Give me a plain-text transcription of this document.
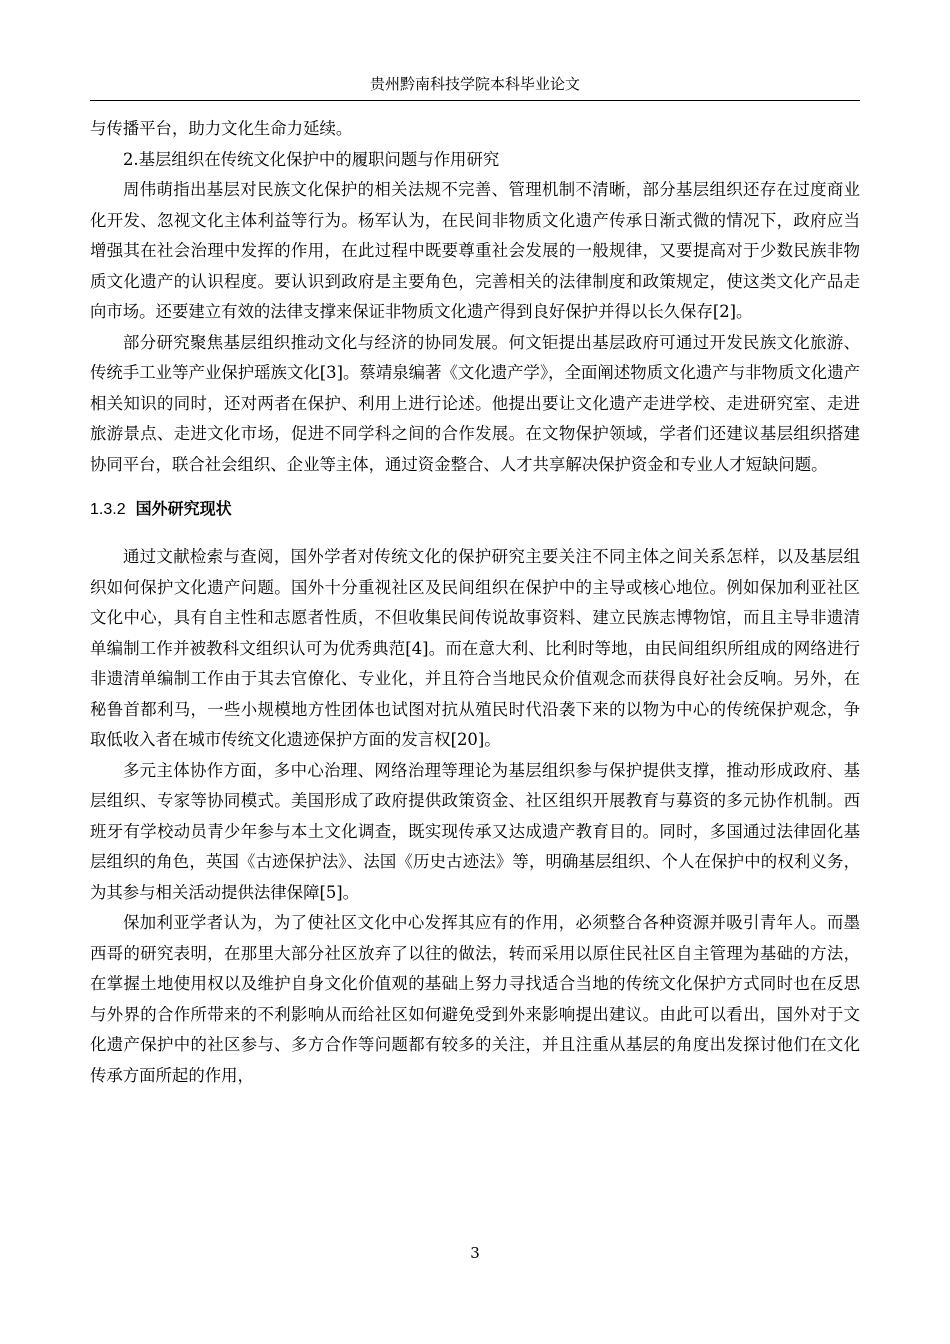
贵州黔南科技学院本科毕业论文

与传播平台，助力文化生命力延续。

2.基层组织在传统文化保护中的履职问题与作用研究

周伟萌指出基层对民族文化保护的相关法规不完善、管理机制不清晰，部分基层组织还存在过度商业化开发、忽视文化主体利益等行为。杨军认为，在民间非物质文化遗产传承日渐式微的情况下，政府应当增强其在社会治理中发挥的作用，在此过程中既要尊重社会发展的一般规律，又要提高对于少数民族非物质文化遗产的认识程度。要认识到政府是主要角色，完善相关的法律制度和政策规定，使这类文化产品走向市场。还要建立有效的法律支撑来保证非物质文化遗产得到良好保护并得以长久保存[2]。

部分研究聚焦基层组织推动文化与经济的协同发展。何文钜提出基层政府可通过开发民族文化旅游、传统手工业等产业保护瑶族文化[3]。蔡靖泉编著《文化遗产学》，全面阐述物质文化遗产与非物质文化遗产相关知识的同时，还对两者在保护、利用上进行论述。他提出要让文化遗产走进学校、走进研究室、走进旅游景点、走进文化市场，促进不同学科之间的合作发展。在文物保护领域，学者们还建议基层组织搭建协同平台，联合社会组织、企业等主体，通过资金整合、人才共享解决保护资金和专业人才短缺问题。

1.3.2 国外研究现状

通过文献检索与查阅，国外学者对传统文化的保护研究主要关注不同主体之间关系怎样，以及基层组织如何保护文化遗产问题。国外十分重视社区及民间组织在保护中的主导或核心地位。例如保加利亚社区文化中心，具有自主性和志愿者性质，不但收集民间传说故事资料、建立民族志博物馆，而且主导非遗清单编制工作并被教科文组织认可为优秀典范[4]。而在意大利、比利时等地，由民间组织所组成的网络进行非遗清单编制工作由于其去官僚化、专业化，并且符合当地民众价值观念而获得良好社会反响。另外，在秘鲁首都利马，一些小规模地方性团体也试图对抗从殖民时代沿袭下来的以物为中心的传统保护观念，争取低收入者在城市传统文化遗迹保护方面的发言权[20]。

多元主体协作方面，多中心治理、网络治理等理论为基层组织参与保护提供支撑，推动形成政府、基层组织、专家等协同模式。美国形成了政府提供政策资金、社区组织开展教育与募资的多元协作机制。西班牙有学校动员青少年参与本土文化调查，既实现传承又达成遗产教育目的。同时，多国通过法律固化基层组织的角色，英国《古迹保护法》、法国《历史古迹法》等，明确基层组织、个人在保护中的权利义务，为其参与相关活动提供法律保障[5]。

保加利亚学者认为，为了使社区文化中心发挥其应有的作用，必须整合各种资源并吸引青年人。而墨西哥的研究表明，在那里大部分社区放弃了以往的做法，转而采用以原住民社区自主管理为基础的方法，在掌握土地使用权以及维护自身文化价值观的基础上努力寻找适合当地的传统文化保护方式同时也在反思与外界的合作所带来的不利影响从而给社区如何避免受到外来影响提出建议。由此可以看出，国外对于文化遗产保护中的社区参与、多方合作等问题都有较多的关注，并且注重从基层的角度出发探讨他们在文化传承方面所起的作用，

3
